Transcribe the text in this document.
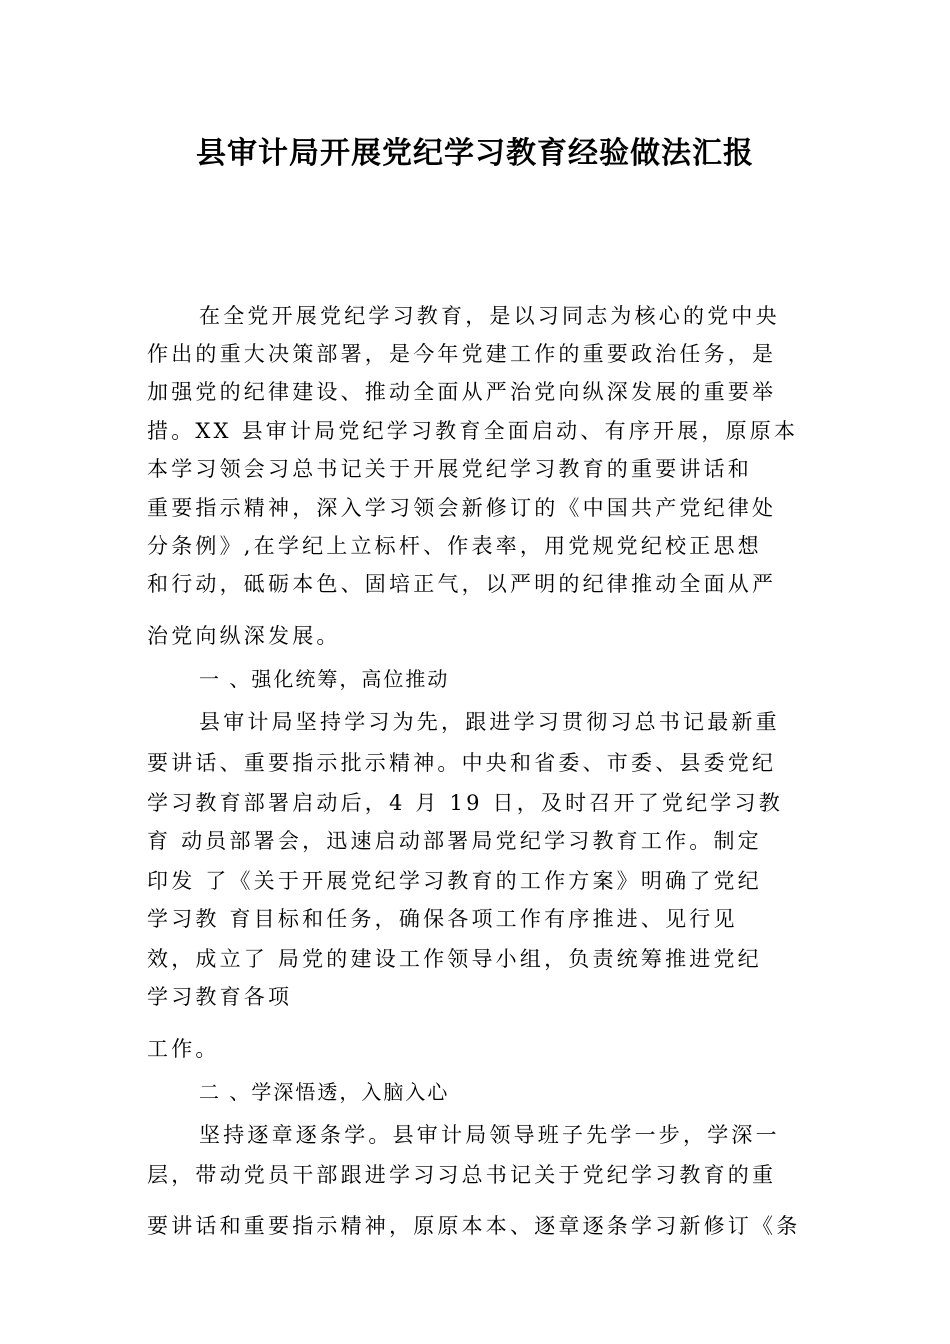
县审计局开展党纪学习教育经验做法汇报
在全党开展党纪学习教育，是以习同志为核心的党中央
作出的重大决策部署，是今年党建工作的重要政治任务，是
加强党的纪律建设、推动全面从严治党向纵深发展的重要举
措。XX 县审计局党纪学习教育全面启动、有序开展，原原本
本学习领会习总书记关于开展党纪学习教育的重要讲话和
重要指示精神，深入学习领会新修订的《中国共产党纪律处
分条例》,在学纪上立标杆、作表率，用党规党纪校正思想
和行动，砥砺本色、固培正气，以严明的纪律推动全面从严
治党向纵深发展。
一 、强化统筹，高位推动
县审计局坚持学习为先，跟进学习贯彻习总书记最新重
要讲话、重要指示批示精神。中央和省委、市委、县委党纪
学习教育部署启动后，4 月 19 日，及时召开了党纪学习教
育 动员部署会，迅速启动部署局党纪学习教育工作。制定
印发 了《关于开展党纪学习教育的工作方案》明确了党纪
学习教 育目标和任务，确保各项工作有序推进、见行见
效，成立了 局党的建设工作领导小组，负责统筹推进党纪
学习教育各项
工作。
二 、学深悟透，入脑入心
坚持逐章逐条学。县审计局领导班子先学一步，学深一
层，带动党员干部跟进学习习总书记关于党纪学习教育的重
要讲话和重要指示精神，原原本本、逐章逐条学习新修订《条
